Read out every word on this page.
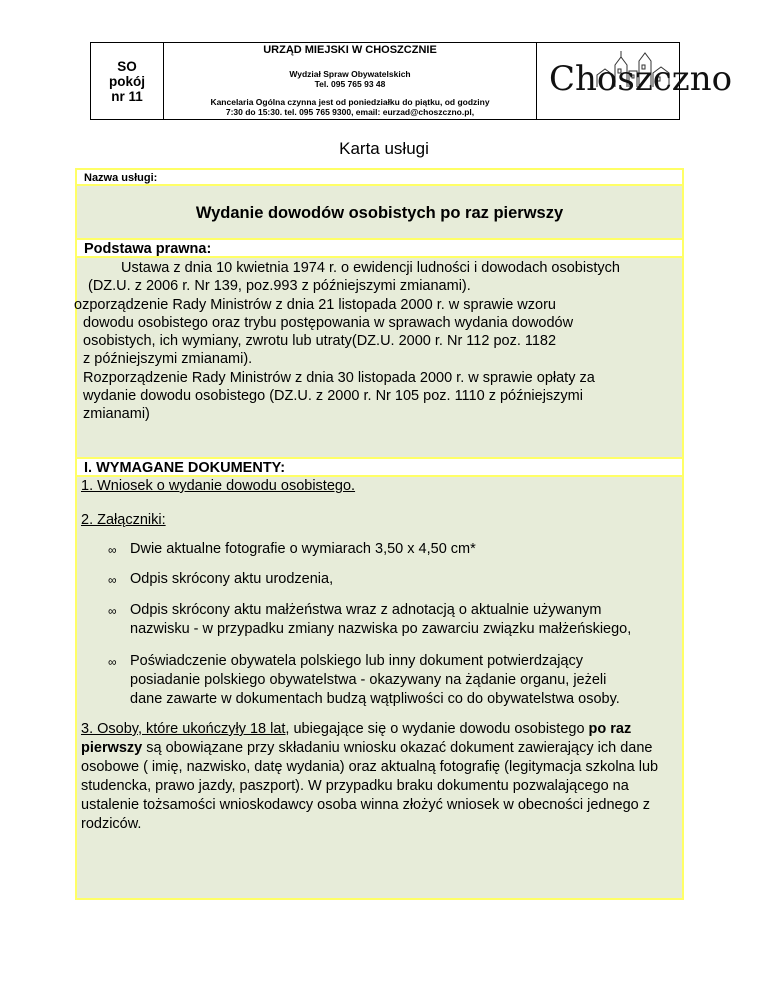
SO
pokój
nr 11
URZĄD MIEJSKI W CHOSZCZNIE
Wydział Spraw Obywatelskich
Tel. 095 765 93 48
Kancelaria Ogólna czynna jest od poniedziałku do piątku, od godziny
7:30 do 15:30. tel. 095 765 9300, email: eurzad@choszczno.pl,
Choszczno
Karta usługi
Nazwa usługi:
Wydanie dowodów osobistych po raz pierwszy
Podstawa prawna:
Ustawa z dnia 10 kwietnia 1974 r. o ewidencji ludności i dowodach osobistych
(DZ.U. z 2006 r. Nr 139, poz.993 z późniejszymi zmianami).
ozporządzenie Rady Ministrów z dnia 21 listopada 2000 r. w sprawie wzoru
dowodu osobistego oraz trybu postępowania w sprawach wydania dowodów
osobistych, ich wymiany, zwrotu lub utraty(DZ.U. 2000 r. Nr 112 poz. 1182
z późniejszymi zmianami).
Rozporządzenie Rady Ministrów z dnia 30 listopada 2000 r. w sprawie opłaty za
wydanie dowodu osobistego (DZ.U. z 2000 r. Nr 105 poz. 1110 z późniejszymi
zmianami)
I. WYMAGANE DOKUMENTY:
1. Wniosek o wydanie dowodu osobistego.
2. Załączniki:
∞ Dwie aktualne fotografie o wymiarach 3,50 x 4,50 cm*
∞ Odpis skrócony aktu urodzenia,
∞ Odpis skrócony aktu małżeństwa wraz z adnotacją o aktualnie używanym
nazwisku - w przypadku zmiany nazwiska po zawarciu związku małżeńskiego,
∞ Poświadczenie obywatela polskiego lub inny dokument potwierdzający
posiadanie polskiego obywatelstwa - okazywany na żądanie organu, jeżeli
dane zawarte w dokumentach budzą wątpliwości co do obywatelstwa osoby.
3. Osoby, które ukończyły 18 lat, ubiegające się o wydanie dowodu osobistego po raz pierwszy są obowiązane przy składaniu wniosku okazać dokument zawierający ich dane osobowe ( imię, nazwisko, datę wydania) oraz aktualną fotografię (legitymacja szkolna lub studencka, prawo jazdy, paszport). W przypadku braku dokumentu pozwalającego na ustalenie tożsamości wnioskodawcy osoba winna złożyć wniosek w obecności jednego z rodziców.
